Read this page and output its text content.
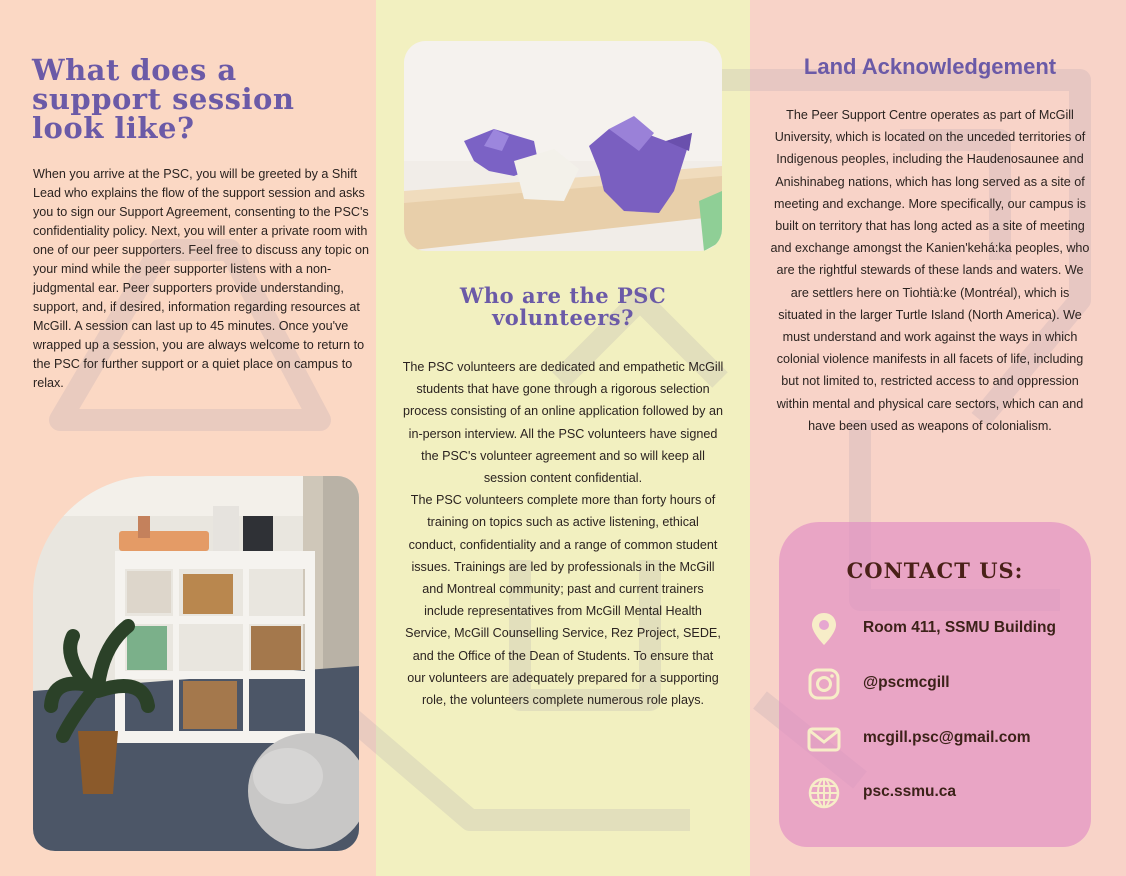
What does a support session look like?

When you arrive at the PSC, you will be greeted by a Shift Lead who explains the flow of the support session and asks you to sign our Support Agreement, consenting to the PSC's confidentiality policy. Next, you will enter a private room with one of our peer supporters. Feel free to discuss any topic on your mind while the peer supporter listens with a non-judgmental ear. Peer supporters provide understanding, support, and, if desired, information regarding resources at McGill. A session can last up to 45 minutes. Once you've wrapped up a session, you are always welcome to return to the PSC for further support or a quiet place on campus to relax.

Who are the PSC volunteers?
The PSC volunteers are dedicated and empathetic McGill students that have gone through a rigorous selection process consisting of an online application followed by an in-person interview. All the PSC volunteers have signed the PSC's volunteer agreement and so will keep all session content confidential.
The PSC volunteers complete more than forty hours of training on topics such as active listening, ethical conduct, confidentiality and a range of common student issues. Trainings are led by professionals in the McGill and Montreal community; past and current trainers include representatives from McGill Mental Health Service, McGill Counselling Service, Rez Project, SEDE, and the Office of the Dean of Students. To ensure that our volunteers are adequately prepared for a supporting role, the volunteers complete numerous role plays.
Land Acknowledgement

The Peer Support Centre operates as part of McGill University, which is located on the unceded territories of Indigenous peoples, including the Haudenosaunee and Anishinabeg nations, which has long served as a site of meeting and exchange. More specifically, our campus is built on territory that has long acted as a site of meeting and exchange amongst the Kanien'kehá:ka peoples, who are the rightful stewards of these lands and waters. We are settlers here on Tiohtià:ke (Montréal), which is situated in the larger Turtle Island (North America). We must understand and work against the ways in which colonial violence manifests in all facets of life, including but not limited to, restricted access to and oppression within mental and physical care sectors, which can and have been used as weapons of colonialism.

CONTACT US:
Room 411, SSMU Building
@pscmcgill
mcgill.psc@gmail.com
psc.ssmu.ca
